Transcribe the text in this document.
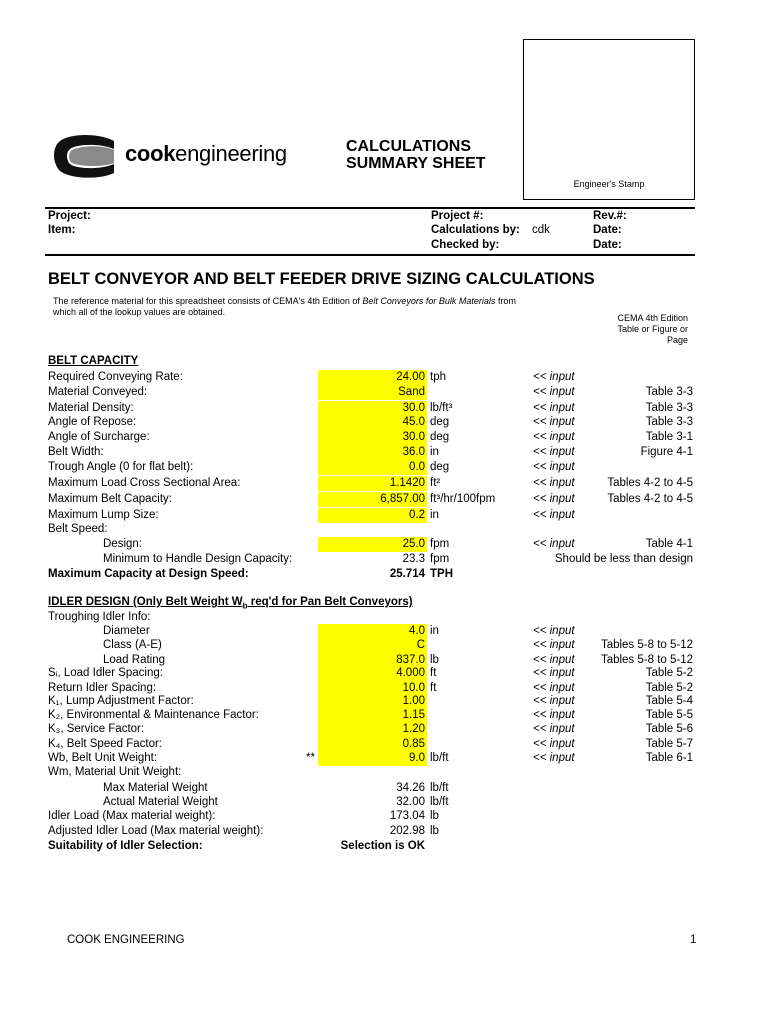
Engineer's Stamp
cookengineering	CALCULATIONS
SUMMARY SHEET
Project:
Item:
Project #:
Calculations by: cdk
Checked by:
Rev.#:
Date:
Date:
BELT CONVEYOR AND BELT FEEDER DRIVE SIZING CALCULATIONS
The reference material for this spreadsheet consists of CEMA's 4th Edition of Belt Conveyors for Bulk Materials from
which all of the lookup values are obtained.
CEMA 4th Edition
Table or Figure or
Page
BELT CAPACITY
Required Conveying Rate:	24.00 tph	<< input
Material Conveyed:	Sand	<< input	Table 3-3
Material Density:	30.0 lb/ft³	<< input	Table 3-3
Angle of Repose:	45.0 deg	<< input	Table 3-3
Angle of Surcharge:	30.0 deg	<< input	Table 3-1
Belt Width:	36.0 in	<< input	Figure 4-1
Trough Angle (0 for flat belt):	0.0 deg	<< input
Maximum Load Cross Sectional Area:	1.1420 ft²	<< input	Tables 4-2 to 4-5
Maximum Belt Capacity:	6,857.00 ft³/hr/100fpm	<< input	Tables 4-2 to 4-5
Maximum Lump Size:	0.2 in	<< input
Belt Speed:
Design:	25.0 fpm	<< input	Table 4-1
Minimum to Handle Design Capacity:	23.3 fpm	Should be less than design
Maximum Capacity at Design Speed:	25.714 TPH
IDLER DESIGN (Only Belt Weight $W_b$ req'd for Pan Belt Conveyors)
Troughing Idler Info:
Diameter	4.0 in	<< input
Class (A-E)	C	<< input	Tables 5-8 to 5-12
Load Rating	837.0 lb	<< input	Tables 5-8 to 5-12
Sᵢ, Load Idler Spacing:	4.000 ft	<< input	Table 5-2
Return Idler Spacing:	10.0 ft	<< input	Table 5-2
K₁, Lump Adjustment Factor:	1.00	<< input	Table 5-4
K₂, Environmental & Maintenance Factor:	1.15	<< input	Table 5-5
K₃, Service Factor:	1.20	<< input	Table 5-6
K₄, Belt Speed Factor:	0.85	<< input	Table 5-7
Wb, Belt Unit Weight:	**	9.0 lb/ft	<< input	Table 6-1
Wm, Material Unit Weight:
Max Material Weight	34.26 lb/ft
Actual Material Weight	32.00 lb/ft
Idler Load (Max material weight):	173.04 lb
Adjusted Idler Load (Max material weight):	202.98 lb
Suitability of Idler Selection:	Selection is OK
COOK ENGINEERING	1
